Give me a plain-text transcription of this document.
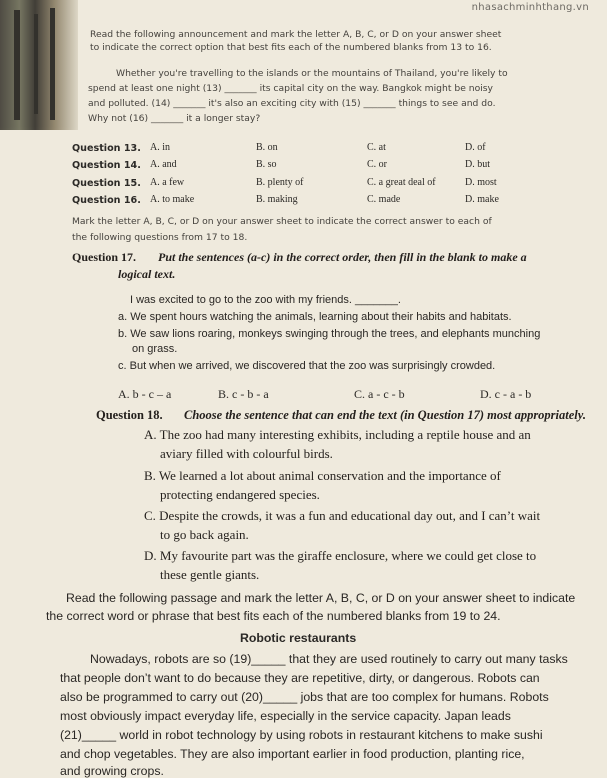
nhasachminhthang.vn
Read the following announcement and mark the letter A, B, C, or D on your answer sheet
to indicate the correct option that best fits each of the numbered blanks from 13 to 16.
Whether you're travelling to the islands or the mountains of Thailand, you're likely to
spend at least one night (13) _______ its capital city on the way. Bangkok might be noisy
and polluted. (14) _______ it's also an exciting city with (15) _______ things to see and do.
Why not (16) _______ it a longer stay?
Question 13. A. in	B. on	C. at	D. of
Question 14. A. and	B. so	C. or	D. but
Question 15. A. a few	B. plenty of	C. a great deal of	D. most
Question 16. A. to make	B. making	C. made	D. make
Mark the letter A, B, C, or D on your answer sheet to indicate the correct answer to each of
the following questions from 17 to 18.
Question 17. Put the sentences (a-c) in the correct order, then fill in the blank to make a
logical text.
I was excited to go to the zoo with my friends. _______.
a. We spent hours watching the animals, learning about their habits and habitats.
b. We saw lions roaring, monkeys swinging through the trees, and elephants munching
on grass.
c. But when we arrived, we discovered that the zoo was surprisingly crowded.
A. b - c – a	B. c - b - a	C. a - c - b	D. c - a - b
Question 18. Choose the sentence that can end the text (in Question 17) most appropriately.
A. The zoo had many interesting exhibits, including a reptile house and an
aviary filled with colourful birds.
B. We learned a lot about animal conservation and the importance of
protecting endangered species.
C. Despite the crowds, it was a fun and educational day out, and I can’t wait
to go back again.
D. My favourite part was the giraffe enclosure, where we could get close to
these gentle giants.
Read the following passage and mark the letter A, B, C, or D on your answer sheet to indicate
the correct word or phrase that best fits each of the numbered blanks from 19 to 24.
Robotic restaurants
Nowadays, robots are so (19)_____ that they are used routinely to carry out many tasks
that people don’t want to do because they are repetitive, dirty, or dangerous. Robots can
also be programmed to carry out (20)_____ jobs that are too complex for humans. Robots
most obviously impact everyday life, especially in the service capacity. Japan leads
(21)_____ world in robot technology by using robots in restaurant kitchens to make sushi
and chop vegetables. They are also important earlier in food production, planting rice,
and growing crops.
